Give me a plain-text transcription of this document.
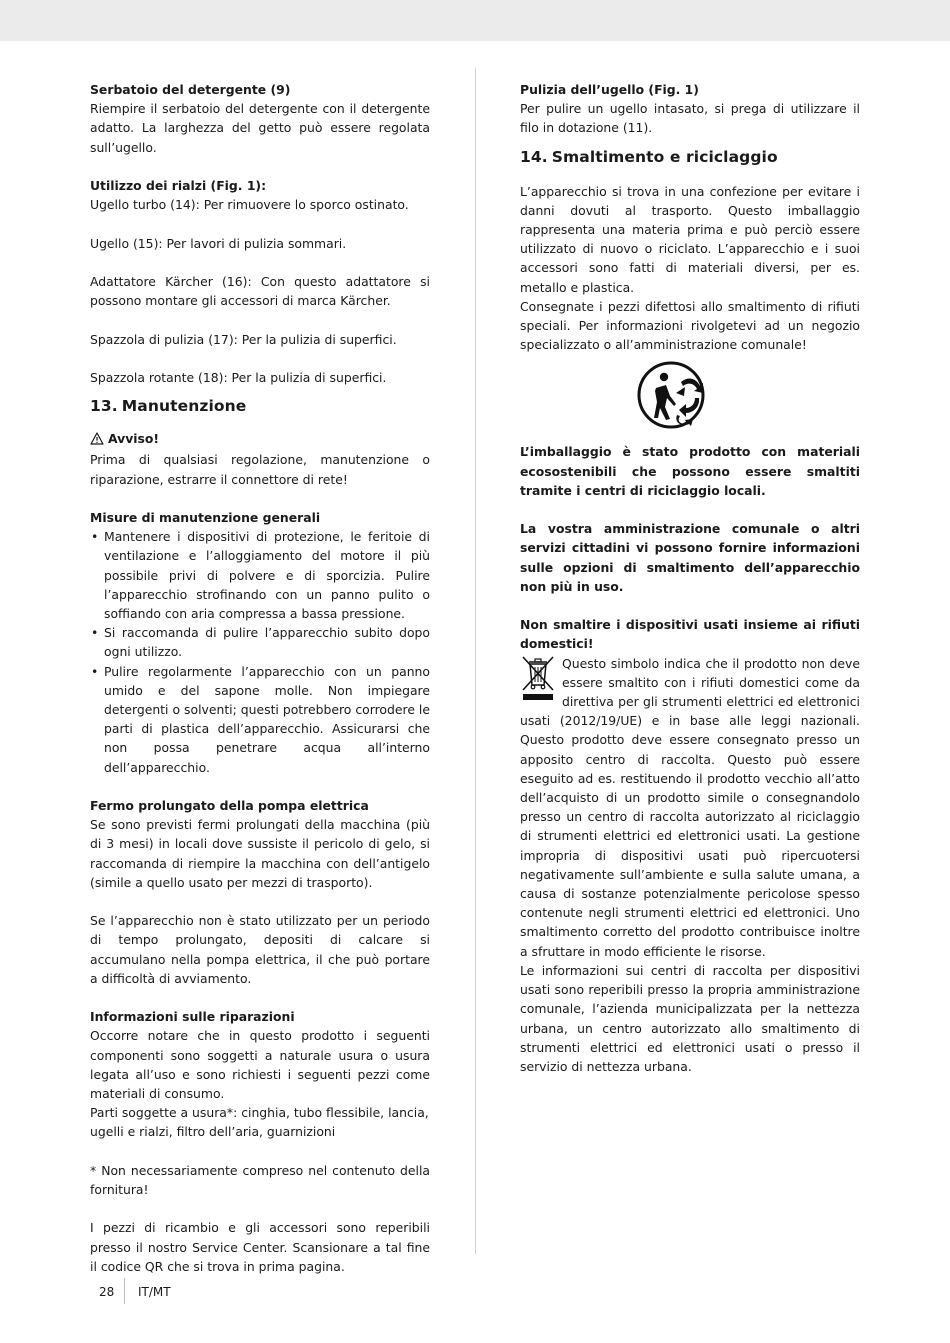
Serbatoio del detergente (9)

Riempire il serbatoio del detergente con il detergente adatto. La larghezza del getto può essere regolata sull’ugello.

Utilizzo dei rialzi (Fig. 1):

Ugello turbo (14): Per rimuovere lo sporco ostinato.

Ugello (15): Per lavori di pulizia sommari.

Adattatore Kärcher (16): Con questo adattatore si possono montare gli accessori di marca Kärcher.

Spazzola di pulizia (17): Per la pulizia di superfici.

Spazzola rotante (18): Per la pulizia di superfici.

13. Manutenzione

Avviso!

Prima di qualsiasi regolazione, manutenzione o riparazione, estrarre il connettore di rete!

Misure di manutenzione generali

• Mantenere i dispositivi di protezione, le feritoie di ventilazione e l’alloggiamento del motore il più possibile privi di polvere e di sporcizia. Pulire l’apparecchio strofinando con un panno pulito o soffiando con aria compressa a bassa pressione.
• Si raccomanda di pulire l’apparecchio subito dopo ogni utilizzo.
• Pulire regolarmente l’apparecchio con un panno umido e del sapone molle. Non impiegare detergenti o solventi; questi potrebbero corrodere le parti di plastica dell’apparecchio. Assicurarsi che non possa penetrare acqua all’interno dell’apparecchio.

Fermo prolungato della pompa elettrica

Se sono previsti fermi prolungati della macchina (più di 3 mesi) in locali dove sussiste il pericolo di gelo, si raccomanda di riempire la macchina con dell’antigelo (simile a quello usato per mezzi di trasporto).

Se l’apparecchio non è stato utilizzato per un periodo di tempo prolungato, depositi di calcare si accumulano nella pompa elettrica, il che può portare a difficoltà di avviamento.

Informazioni sulle riparazioni

Occorre notare che in questo prodotto i seguenti componenti sono soggetti a naturale usura o usura legata all’uso e sono richiesti i seguenti pezzi come materiali di consumo.

Parti soggette a usura*: cinghia, tubo flessibile, lancia, ugelli e rialzi, filtro dell’aria, guarnizioni

* Non necessariamente compreso nel contenuto della fornitura!

I pezzi di ricambio e gli accessori sono reperibili presso il nostro Service Center. Scansionare a tal fine il codice QR che si trova in prima pagina.

Pulizia dell’ugello (Fig. 1)

Per pulire un ugello intasato, si prega di utilizzare il filo in dotazione (11).

14. Smaltimento e riciclaggio

L’apparecchio si trova in una confezione per evitare i danni dovuti al trasporto. Questo imballaggio rappresenta una materia prima e può perciò essere utilizzato di nuovo o riciclato. L’apparecchio e i suoi accessori sono fatti di materiali diversi, per es. metallo e plastica.

Consegnate i pezzi difettosi allo smaltimento di rifiuti speciali. Per informazioni rivolgetevi ad un negozio specializzato o all’amministrazione comunale!

L’imballaggio è stato prodotto con materiali ecosostenibili che possono essere smaltiti tramite i centri di riciclaggio locali.

La vostra amministrazione comunale o altri servizi cittadini vi possono fornire informazioni sulle opzioni di smaltimento dell’apparecchio non più in uso.

Non smaltire i dispositivi usati insieme ai rifiuti domestici!

Questo simbolo indica che il prodotto non deve essere smaltito con i rifiuti domestici come da direttiva per gli strumenti elettrici ed elettronici usati (2012/19/UE) e in base alle leggi nazionali. Questo prodotto deve essere consegnato presso un apposito centro di raccolta. Questo può essere eseguito ad es. restituendo il prodotto vecchio all’atto dell’acquisto di un prodotto simile o consegnandolo presso un centro di raccolta autorizzato al riciclaggio di strumenti elettrici ed elettronici usati. La gestione impropria di dispositivi usati può ripercuotersi negativamente sull’ambiente e sulla salute umana, a causa di sostanze potenzialmente pericolose spesso contenute negli strumenti elettrici ed elettronici. Uno smaltimento corretto del prodotto contribuisce inoltre a sfruttare in modo efficiente le risorse.

Le informazioni sui centri di raccolta per dispositivi usati sono reperibili presso la propria amministrazione comunale, l’azienda municipalizzata per la nettezza urbana, un centro autorizzato allo smaltimento di strumenti elettrici ed elettronici usati o presso il servizio di nettezza urbana.

28 IT/MT
